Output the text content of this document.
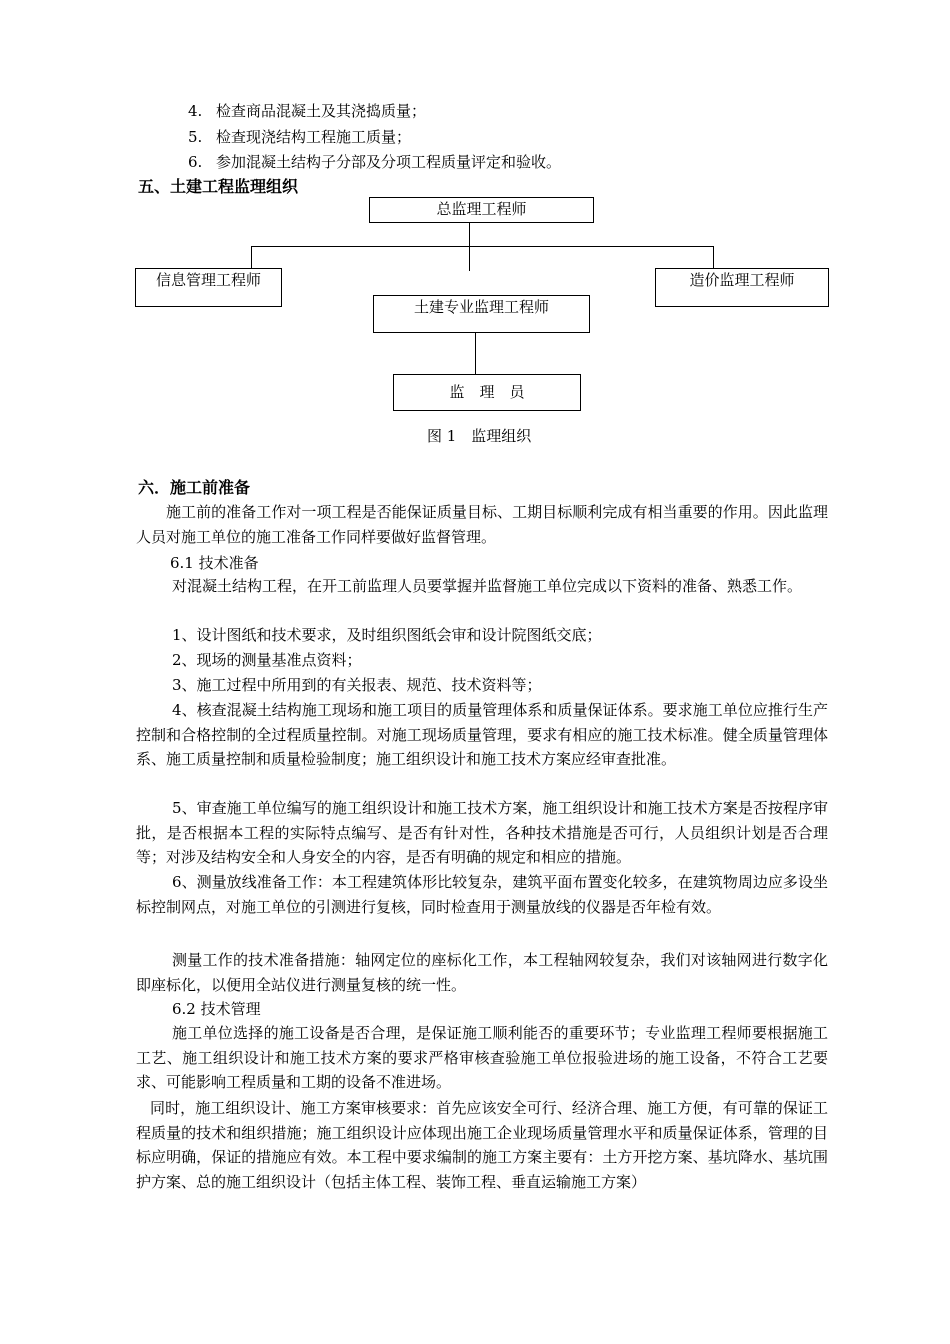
4. 检查商品混凝土及其浇捣质量；
5. 检查现浇结构工程施工质量；
6. 参加混凝土结构子分部及分项工程质量评定和验收。
五、土建工程监理组织
总监理工程师
信息管理工程师	造价监理工程师
土建专业监理工程师
监　理　员
图 1　监理组织
六．施工前准备
施工前的准备工作对一项工程是否能保证质量目标、工期目标顺利完成有相当重要的作用。因此监理人员对施工单位的施工准备工作同样要做好监督管理。
6.1 技术准备
对混凝土结构工程，在开工前监理人员要掌握并监督施工单位完成以下资料的准备、熟悉工作。
1、设计图纸和技术要求，及时组织图纸会审和设计院图纸交底；
2、现场的测量基准点资料；
3、施工过程中所用到的有关报表、规范、技术资料等；
4、核查混凝土结构施工现场和施工项目的质量管理体系和质量保证体系。要求施工单位应推行生产控制和合格控制的全过程质量控制。对施工现场质量管理，要求有相应的施工技术标准。健全质量管理体系、施工质量控制和质量检验制度；施工组织设计和施工技术方案应经审查批准。
5、审查施工单位编写的施工组织设计和施工技术方案，施工组织设计和施工技术方案是否按程序审批，是否根据本工程的实际特点编写、是否有针对性，各种技术措施是否可行，人员组织计划是否合理等；对涉及结构安全和人身安全的内容，是否有明确的规定和相应的措施。
6、测量放线准备工作：本工程建筑体形比较复杂，建筑平面布置变化较多，在建筑物周边应多设坐标控制网点，对施工单位的引测进行复核，同时检查用于测量放线的仪器是否年检有效。
测量工作的技术准备措施：轴网定位的座标化工作，本工程轴网较复杂，我们对该轴网进行数字化即座标化，以便用全站仪进行测量复核的统一性。
6.2 技术管理
施工单位选择的施工设备是否合理，是保证施工顺利能否的重要环节；专业监理工程师要根据施工工艺、施工组织设计和施工技术方案的要求严格审核查验施工单位报验进场的施工设备，不符合工艺要求、可能影响工程质量和工期的设备不准进场。
同时，施工组织设计、施工方案审核要求：首先应该安全可行、经济合理、施工方便，有可靠的保证工程质量的技术和组织措施；施工组织设计应体现出施工企业现场质量管理水平和质量保证体系，管理的目标应明确，保证的措施应有效。本工程中要求编制的施工方案主要有：土方开挖方案、基坑降水、基坑围护方案、总的施工组织设计（包括主体工程、装饰工程、垂直运输施工方案）
